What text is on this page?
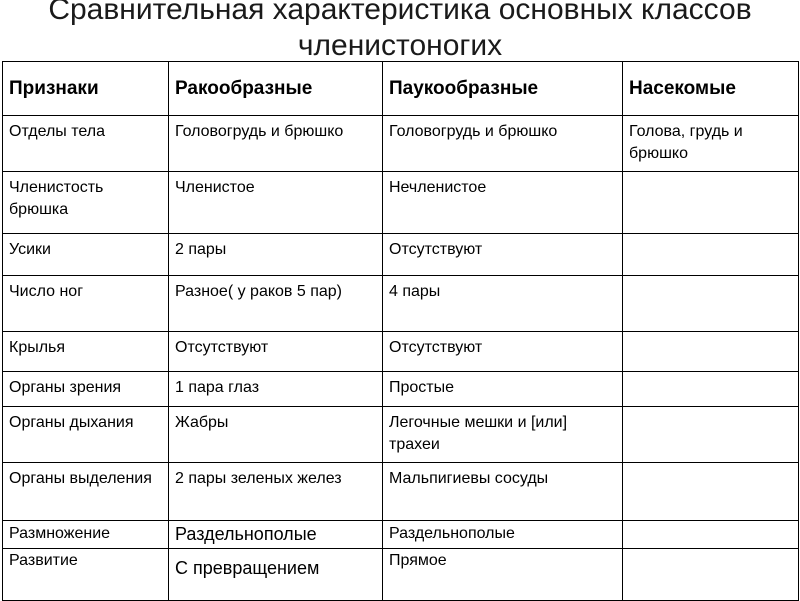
Сравнительная характеристика основных классов членистоногих
Признаки	Ракообразные	Паукообразные	Насекомые
Отделы тела	Головогрудь и брюшко	Головогрудь и брюшко	Голова, грудь и брюшко
Членистость брюшка	Членистое	Нечленистое	
Усики	2 пары	Отсутствуют	
Число ног	Разное( у раков 5 пар)	4 пары	
Крылья	Отсутствуют	Отсутствуют	
Органы зрения	1 пара глаз	Простые	
Органы дыхания	Жабры	Легочные мешки и [или] трахеи	
Органы выделения	2 пары зеленых желез	Мальпигиевы сосуды	
Размножение	Раздельнополые	Раздельнополые	
Развитие	С превращением	Прямое	
